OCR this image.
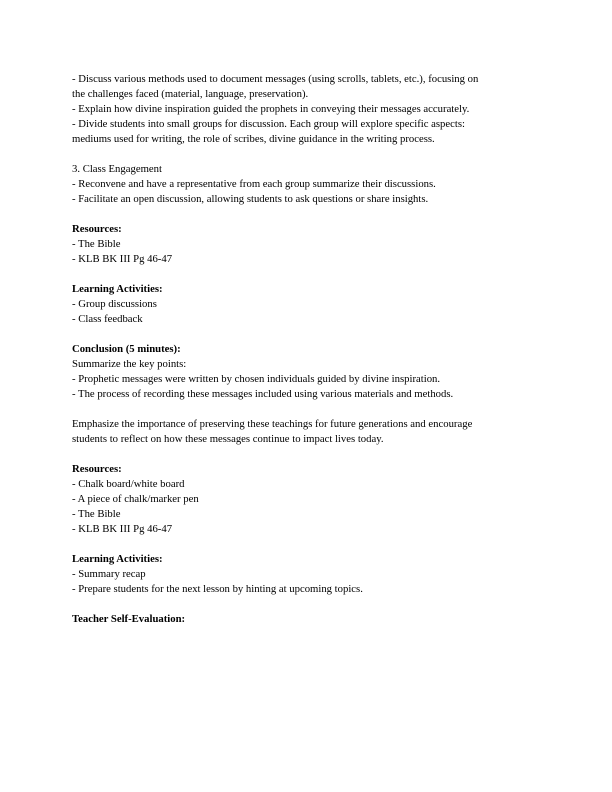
- Discuss various methods used to document messages (using scrolls, tablets, etc.), focusing on

the challenges faced (material, language, preservation).

- Explain how divine inspiration guided the prophets in conveying their messages accurately.

- Divide students into small groups for discussion. Each group will explore specific aspects:

mediums used for writing, the role of scribes, divine guidance in the writing process.

3. Class Engagement

- Reconvene and have a representative from each group summarize their discussions.

- Facilitate an open discussion, allowing students to ask questions or share insights.

Resources:

- The Bible

- KLB BK III Pg 46-47

Learning Activities:

- Group discussions

- Class feedback

Conclusion (5 minutes):

Summarize the key points:

- Prophetic messages were written by chosen individuals guided by divine inspiration.

- The process of recording these messages included using various materials and methods.

Emphasize the importance of preserving these teachings for future generations and encourage

students to reflect on how these messages continue to impact lives today.

Resources:

- Chalk board/white board

- A piece of chalk/marker pen

- The Bible

- KLB BK III Pg 46-47

Learning Activities:

- Summary recap

- Prepare students for the next lesson by hinting at upcoming topics.

Teacher Self-Evaluation:
